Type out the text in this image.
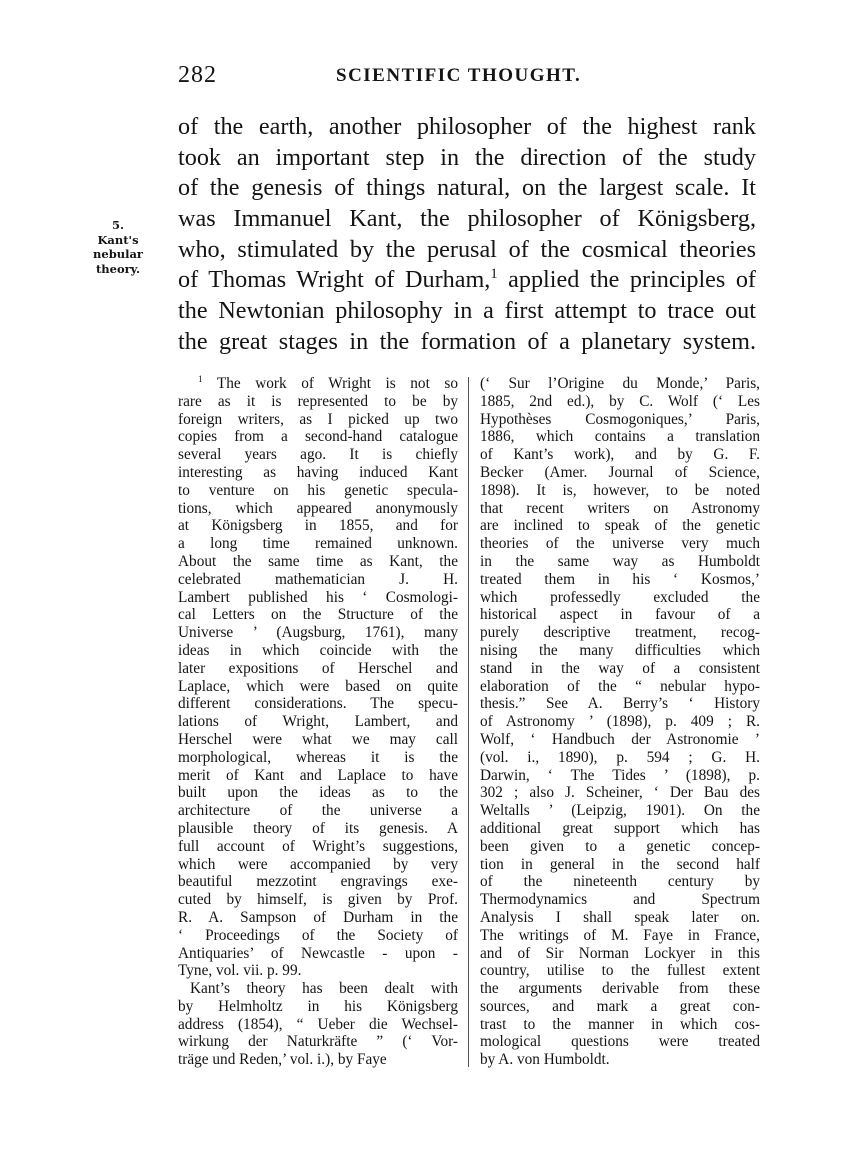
282	SCIENTIFIC THOUGHT.
5.
Kant's
nebular
theory.
of the earth, another philosopher of the highest rank
took an important step in the direction of the study
of the genesis of things natural, on the largest scale. It
was Immanuel Kant, the philosopher of Königsberg,
who, stimulated by the perusal of the cosmical theories
of Thomas Wright of Durham,$^1$ applied the principles of
the Newtonian philosophy in a first attempt to trace out
the great stages in the formation of a planetary system.
$^1$ The work of Wright is not so
rare as it is represented to be by
foreign writers, as I picked up two
copies from a second-hand catalogue
several years ago. It is chiefly
interesting as having induced Kant
to venture on his genetic specula-
tions, which appeared anonymously
at Königsberg in 1855, and for
a long time remained unknown.
About the same time as Kant, the
celebrated mathematician J. H.
Lambert published his ‘ Cosmologi-
cal Letters on the Structure of the
Universe ’ (Augsburg, 1761), many
ideas in which coincide with the
later expositions of Herschel and
Laplace, which were based on quite
different considerations. The specu-
lations of Wright, Lambert, and
Herschel were what we may call
morphological, whereas it is the
merit of Kant and Laplace to have
built upon the ideas as to the
architecture of the universe a
plausible theory of its genesis. A
full account of Wright’s suggestions,
which were accompanied by very
beautiful mezzotint engravings exe-
cuted by himself, is given by Prof.
R. A. Sampson of Durham in the
‘ Proceedings of the Society of
Antiquaries’ of Newcastle - upon -
Tyne, vol. vii. p. 99.
Kant’s theory has been dealt with
by Helmholtz in his Königsberg
address (1854), “ Ueber die Wechsel-
wirkung der Naturkräfte ” (‘ Vor-
träge und Reden,’ vol. i.), by Faye
(‘ Sur l’Origine du Monde,’ Paris,
1885, 2nd ed.), by C. Wolf (‘ Les
Hypothèses Cosmogoniques,’ Paris,
1886, which contains a translation
of Kant’s work), and by G. F.
Becker (Amer. Journal of Science,
1898). It is, however, to be noted
that recent writers on Astronomy
are inclined to speak of the genetic
theories of the universe very much
in the same way as Humboldt
treated them in his ‘ Kosmos,’
which professedly excluded the
historical aspect in favour of a
purely descriptive treatment, recog-
nising the many difficulties which
stand in the way of a consistent
elaboration of the “ nebular hypo-
thesis.” See A. Berry’s ‘ History
of Astronomy ’ (1898), p. 409 ; R.
Wolf, ‘ Handbuch der Astronomie ’
(vol. i., 1890), p. 594 ; G. H.
Darwin, ‘ The Tides ’ (1898), p.
302 ; also J. Scheiner, ‘ Der Bau des
Weltalls ’ (Leipzig, 1901). On the
additional great support which has
been given to a genetic concep-
tion in general in the second half
of the nineteenth century by
Thermodynamics and Spectrum
Analysis I shall speak later on.
The writings of M. Faye in France,
and of Sir Norman Lockyer in this
country, utilise to the fullest extent
the arguments derivable from these
sources, and mark a great con-
trast to the manner in which cos-
mological questions were treated
by A. von Humboldt.
